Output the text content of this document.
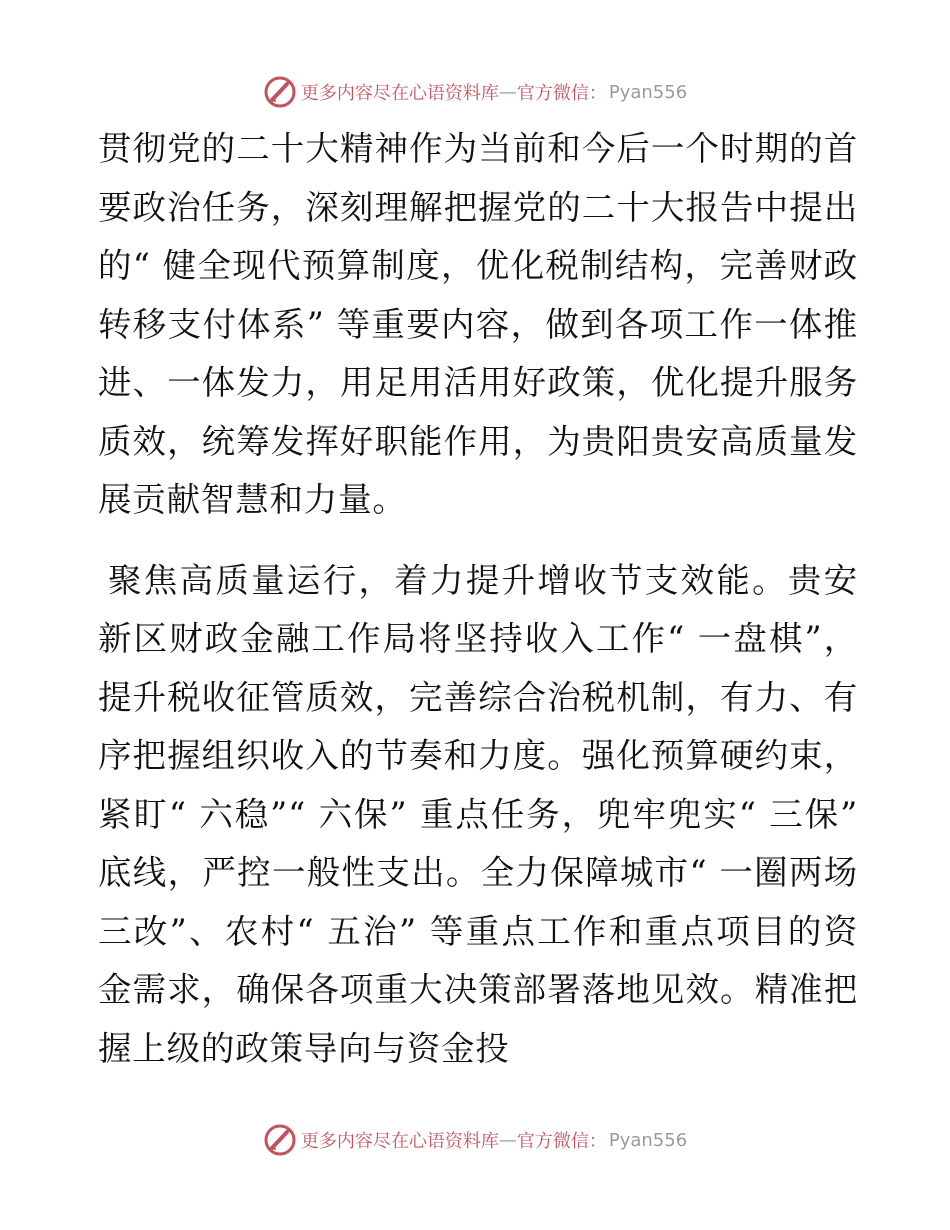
更多内容尽在心语资料库 — 官方微信： Pyan556

贯彻党的二十大精神作为当前和今后一个时期的首要政治任务，深刻理解把握党的二十大报告中提出的“ 健全现代预算制度，优化税制结构，完善财政转移支付体系” 等重要内容，做到各项工作一体推进、一体发力，用足用活用好政策，优化提升服务质效，统筹发挥好职能作用，为贵阳贵安高质量发展贡献智慧和力量。

聚焦高质量运行，着力提升增收节支效能。贵安新区财政金融工作局将坚持收入工作“ 一盘棋”，提升税收征管质效，完善综合治税机制，有力、有序把握组织收入的节奏和力度。强化预算硬约束，紧盯“ 六稳”“ 六保” 重点任务，兜牢兜实“ 三保” 底线，严控一般性支出。全力保障城市“ 一圈两场三改”、农村“ 五治” 等重点工作和重点项目的资金需求，确保各项重大决策部署落地见效。精准把握上级的政策导向与资金投

更多内容尽在心语资料库 — 官方微信： Pyan556
